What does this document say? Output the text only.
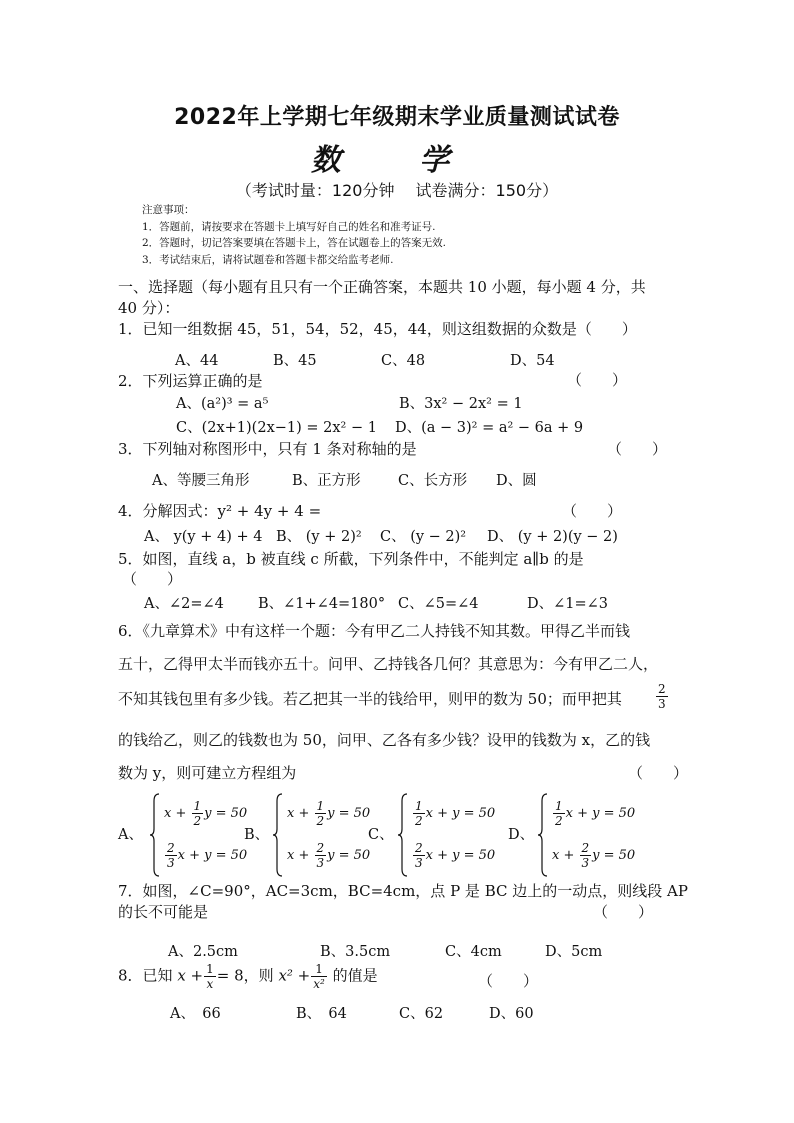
2022年上学期七年级期末学业质量测试试卷
数 学
（考试时量：120分钟　 试卷满分：150分）
注意事项：
1．答题前，请按要求在答题卡上填写好自己的姓名和准考证号.
2．答题时，切记答案要填在答题卡上，答在试题卷上的答案无效.
3．考试结束后，请将试题卷和答题卡都交给监考老师.
一、选择题（每小题有且只有一个正确答案，本题共 10 小题，每小题 4 分，共
40 分）：
1．已知一组数据 45，51，54，52，45，44，则这组数据的众数是（　　）
A、44	B、45	C、48	D、54
2．下列运算正确的是	（　　）
A、(a²)³ = a⁵	B、3x² − 2x² = 1
C、(2x+1)(2x−1) = 2x² − 1 D、(a − 3)² = a² − 6a + 9
3．下列轴对称图形中，只有 1 条对称轴的是	（　　）
A、等腰三角形	B、正方形	C、长方形 D、圆
4．分解因式：y² + 4y + 4 =	（　　）
A、 y(y + 4) + 4 B、 (y + 2)² C、 (y − 2)² D、 (y + 2)(y − 2)
5．如图，直线 a，b 被直线 c 所截，下列条件中，不能判定 a∥b 的是
（　　）
A、∠2=∠4 B、∠1+∠4=180° C、∠5=∠4	D、∠1=∠3
6．《九章算术》中有这样一个题：今有甲乙二人持钱不知其数。甲得乙半而钱
五十，乙得甲太半而钱亦五十。问甲、乙持钱各几何？其意思为：今有甲乙二人，
不知其钱包里有多少钱。若乙把其一半的钱给甲，则甲的数为 50；而甲把其	$\frac{2}{3}$
的钱给乙，则乙的钱数也为 50，问甲、乙各有多少钱？设甲的钱数为 x，乙的钱
数为 y，则可建立方程组为	（　　）
A、
$x + \frac{1}{2}$ y = 50
$\frac{2}{3}$ x + y = 50
B、
$x + \frac{1}{2}$ y = 50
$x + \frac{2}{3}$ y = 50
C、
$\frac{1}{2}$ x + y = 50
$\frac{2}{3}$ x + y = 50
D、
$\frac{1}{2}$ x + y = 50
$x + \frac{2}{3}$ y = 50
7．如图，∠C=90°，AC=3cm，BC=4cm，点 P 是 BC 边上的一动点，则线段 AP
的长不可能是	（　　）
A、2.5cm	B、3.5cm	C、4cm	D、5cm
8．已知 $x + \frac{1}{x} = 8$，则 $x^2 + \frac{1}{\text{x²}}$ 的值是	（　　）
A、　66	B、　64	C、62	D、60
